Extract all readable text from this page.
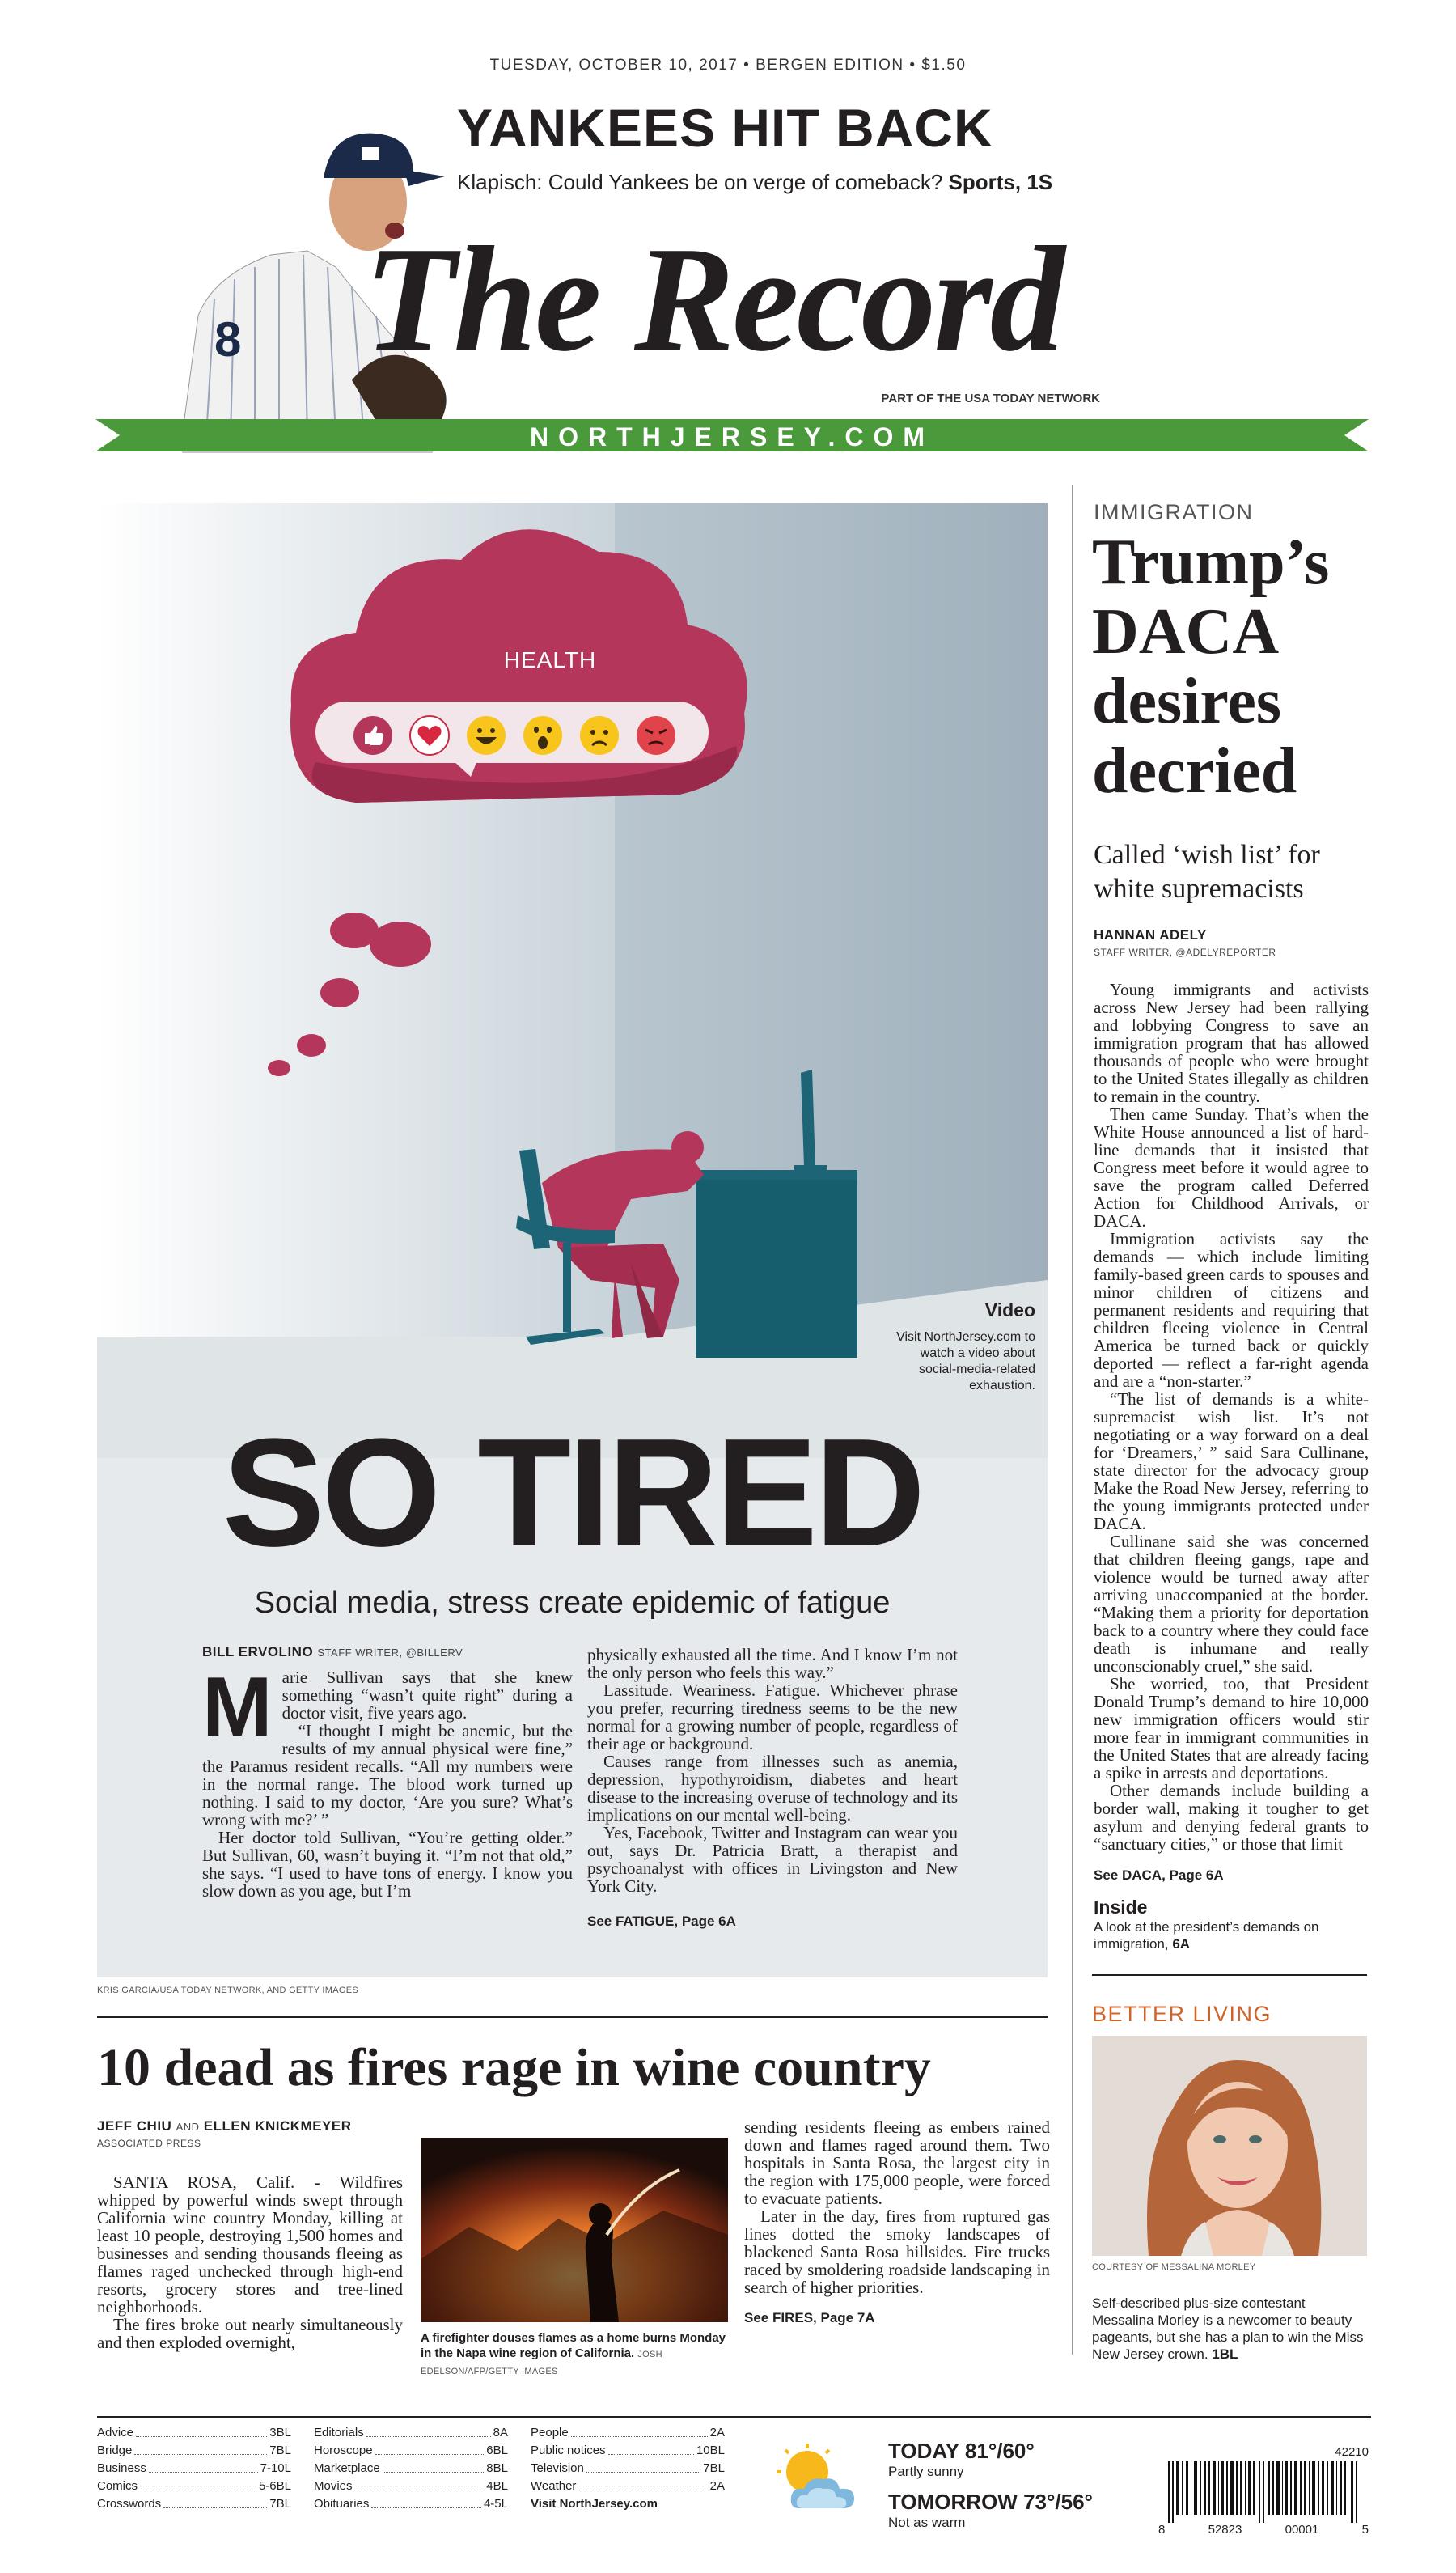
TUESDAY, OCTOBER 10, 2017 • BERGEN EDITION • $1.50
8
YANKEES HIT BACK
Klapisch: Could Yankees be on verge of comeback? Sports, 1S
The Record
PART OF THE USA TODAY NETWORK
NORTHJERSEY.COM
HEALTH
Video
Visit NorthJersey.com to watch a video about social-media-related exhaustion.
SO TIRED
Social media, stress create epidemic of fatigue
BILL ERVOLINO STAFF WRITER, @BILLERV
M arie Sullivan says that she knew something “wasn’t quite right” during a doctor visit, five years ago.

“I thought I might be anemic, but the results of my annual physical were fine,” the Paramus resident recalls. “All my numbers were in the normal range. The blood work turned up nothing. I said to my doctor, ‘Are you sure? What’s wrong with me?’ ”

Her doctor told Sullivan, “You’re getting older.” But Sullivan, 60, wasn’t buying it. “I’m not that old,” she says. “I used to have tons of energy. I know you slow down as you age, but I’m

physically exhausted all the time. And I know I’m not the only person who feels this way.”

Lassitude. Weariness. Fatigue. Whichever phrase you prefer, recurring tiredness seems to be the new normal for a growing number of people, regardless of their age or background.

Causes range from illnesses such as anemia, depression, hypothyroidism, diabetes and heart disease to the increasing overuse of technology and its implications on our mental well-being.

Yes, Facebook, Twitter and Instagram can wear you out, says Dr. Patricia Bratt, a therapist and psychoanalyst with offices in Livingston and New York City.

See FATIGUE, Page 6A
KRIS GARCIA/USA TODAY NETWORK, AND GETTY IMAGES
IMMIGRATION
Trump’s DACA desires decried
Called ‘wish list’ for white supremacists
HANNAN ADELY
STAFF WRITER, @ADELYREPORTER

Young immigrants and activists across New Jersey had been rallying and lobbying Congress to save an immigration program that has allowed thousands of people who were brought to the United States illegally as children to remain in the country.

Then came Sunday. That’s when the White House announced a list of hard-line demands that it insisted that Congress meet before it would agree to save the program called Deferred Action for Childhood Arrivals, or DACA.

Immigration activists say the demands — which include limiting family-based green cards to spouses and minor children of citizens and permanent residents and requiring that children fleeing violence in Central America be turned back or quickly deported — reflect a far-right agenda and are a “non-starter.”

“The list of demands is a white-supremacist wish list. It’s not negotiating or a way forward on a deal for ‘Dreamers,’ ” said Sara Cullinane, state director for the advocacy group Make the Road New Jersey, referring to the young immigrants protected under DACA.

Cullinane said she was concerned that children fleeing gangs, rape and violence would be turned away after arriving unaccompanied at the border. “Making them a priority for deportation back to a country where they could face death is inhumane and really unconscionably cruel,” she said.

She worried, too, that President Donald Trump’s demand to hire 10,000 new immigration officers would stir more fear in immigrant communities in the United States that are already facing a spike in arrests and deportations.

Other demands include building a border wall, making it tougher to get asylum and denying federal grants to “sanctuary cities,” or those that limit

See DACA, Page 6A
Inside
A look at the president’s demands on immigration, 6A
BETTER LIVING
COURTESY OF MESSALINA MORLEY
Self-described plus-size contestant Messalina Morley is a newcomer to beauty pageants, but she has a plan to win the Miss New Jersey crown. 1BL
10 dead as fires rage in wine country
JEFF CHIU AND ELLEN KNICKMEYER
ASSOCIATED PRESS

SANTA ROSA, Calif. - Wildfires whipped by powerful winds swept through California wine country Monday, killing at least 10 people, destroying 1,500 homes and businesses and sending thousands fleeing as flames raged unchecked through high-end resorts, grocery stores and tree-lined neighborhoods.

The fires broke out nearly simultaneously and then exploded overnight,	A firefighter douses flames as a home burns Monday in the Napa wine region of California. JOSH EDELSON/AFP/GETTY IMAGES

sending residents fleeing as embers rained down and flames raged around them. Two hospitals in Santa Rosa, the largest city in the region with 175,000 people, were forced to evacuate patients.

Later in the day, fires from ruptured gas lines dotted the smoky landscapes of blackened Santa Rosa hillsides. Fire trucks raced by smoldering roadside landscaping in search of higher priorities.

See FIRES, Page 7A
Advice	3BL
Bridge	7BL
Business	7-10L
Comics	5-6BL
Crosswords	7BL
Editorials	8A
Horoscope	6BL
Marketplace	8BL
Movies	4BL
Obituaries	4-5L
People	2A
Public notices	10BL
Television	7BL
Weather	2A
Visit NorthJersey.com
TODAY 81°/60°
Partly sunny
TOMORROW 73°/56°
Not as warm
42210
8	52823	00001	5
